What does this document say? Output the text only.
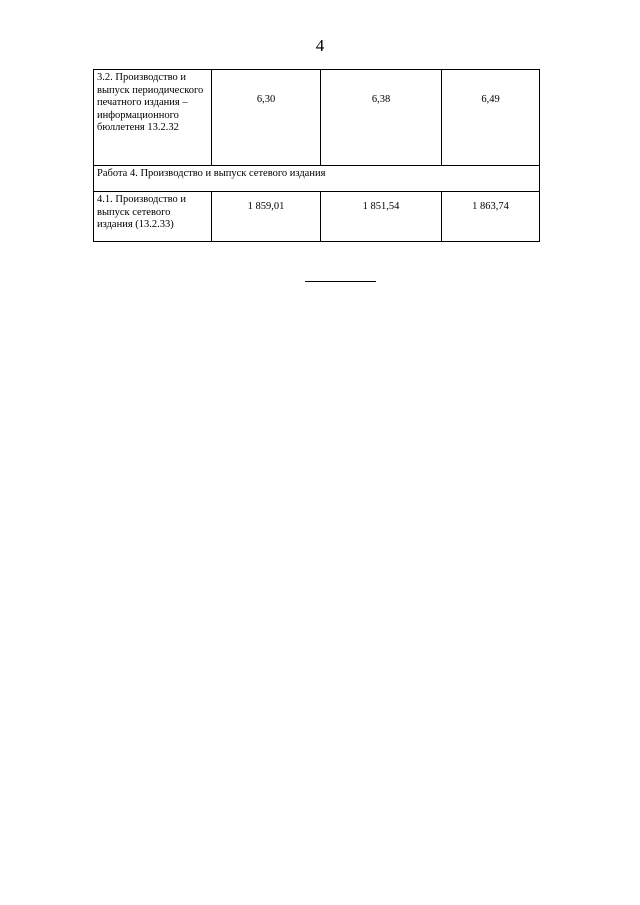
4
3.2. Производство и выпуск периодического печатного издания – информационного бюллетеня 13.2.32	6,30	6,38	6,49
Работа 4. Производство и выпуск сетевого издания			
4.1. Производство и выпуск сетевого издания (13.2.33)	1 859,01	1 851,54	1 863,74
